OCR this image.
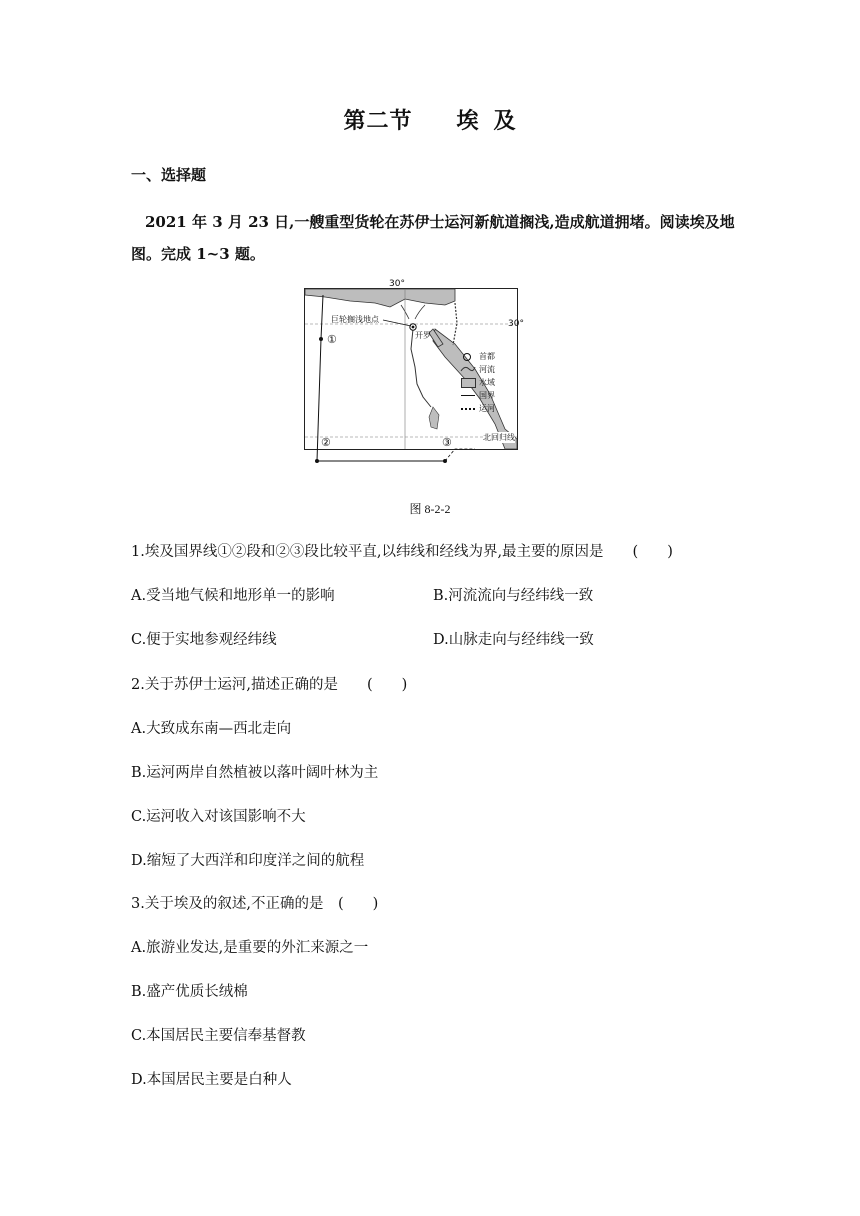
第二节 埃 及
一、选择题
2021 年 3 月 23 日,一艘重型货轮在苏伊士运河新航道搁浅,造成航道拥堵。阅读埃及地图。完成 1~3 题。
30°
30°
巨轮搁浅地点
开罗
北回归线
①
②	③
首都
河流
水域
国界
运河
图 8-2-2
1.埃及国界线①②段和②③段比较平直,以纬线和经线为界,最主要的原因是　　(　　)
A.受当地气候和地形单一的影响	B.河流流向与经纬线一致
C.便于实地参观经纬线	D.山脉走向与经纬线一致
2.关于苏伊士运河,描述正确的是　　(　　)
A.大致成东南—西北走向
B.运河两岸自然植被以落叶阔叶林为主
C.运河收入对该国影响不大
D.缩短了大西洋和印度洋之间的航程
3.关于埃及的叙述,不正确的是　(　　)
A.旅游业发达,是重要的外汇来源之一
B.盛产优质长绒棉
C.本国居民主要信奉基督教
D.本国居民主要是白种人
